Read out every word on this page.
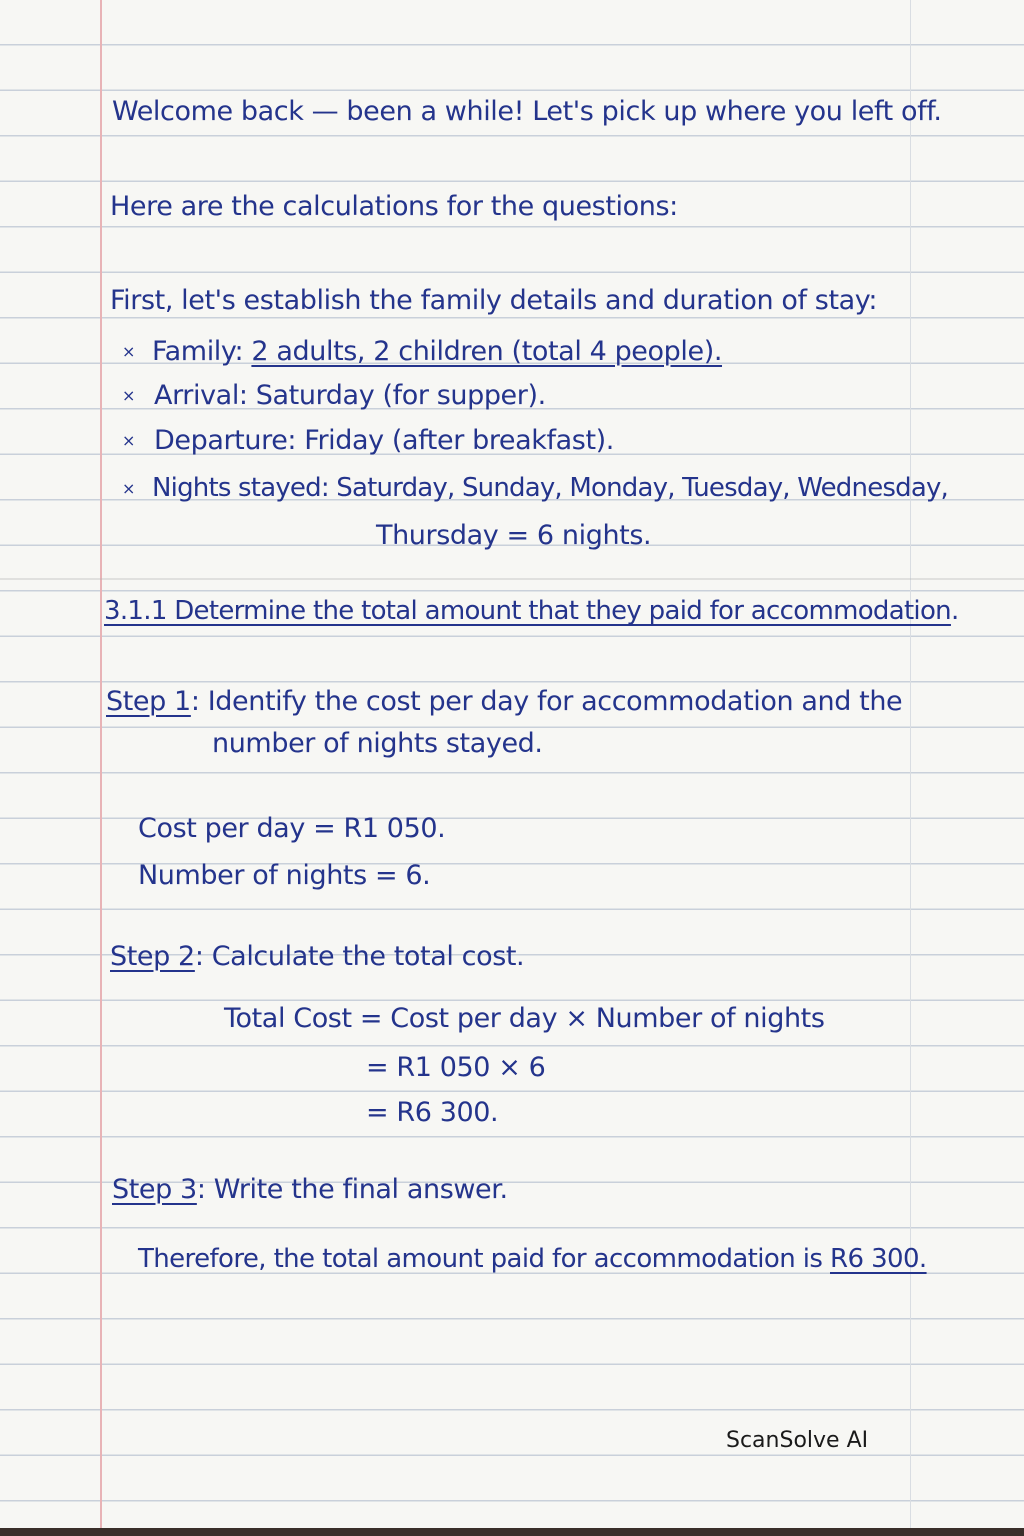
Welcome back — been a while! Let's pick up where you left off.
Here are the calculations for the questions:
First, let's establish the family details and duration of stay:
× Family: 2 adults, 2 children (total 4 people).
× Arrival: Saturday (for supper).
× Departure: Friday (after breakfast).
× Nights stayed: Saturday, Sunday, Monday, Tuesday, Wednesday,
Thursday = 6 nights.
3.1.1 Determine the total amount that they paid for accommodation.
Step 1: Identify the cost per day for accommodation and the
number of nights stayed.
Cost per day = R1 050.
Number of nights = 6.
Step 2: Calculate the total cost.
Total Cost = Cost per day × Number of nights
= R1 050 × 6
= R6 300.
Step 3: Write the final answer.
Therefore, the total amount paid for accommodation is R6 300.
ScanSolve AI
